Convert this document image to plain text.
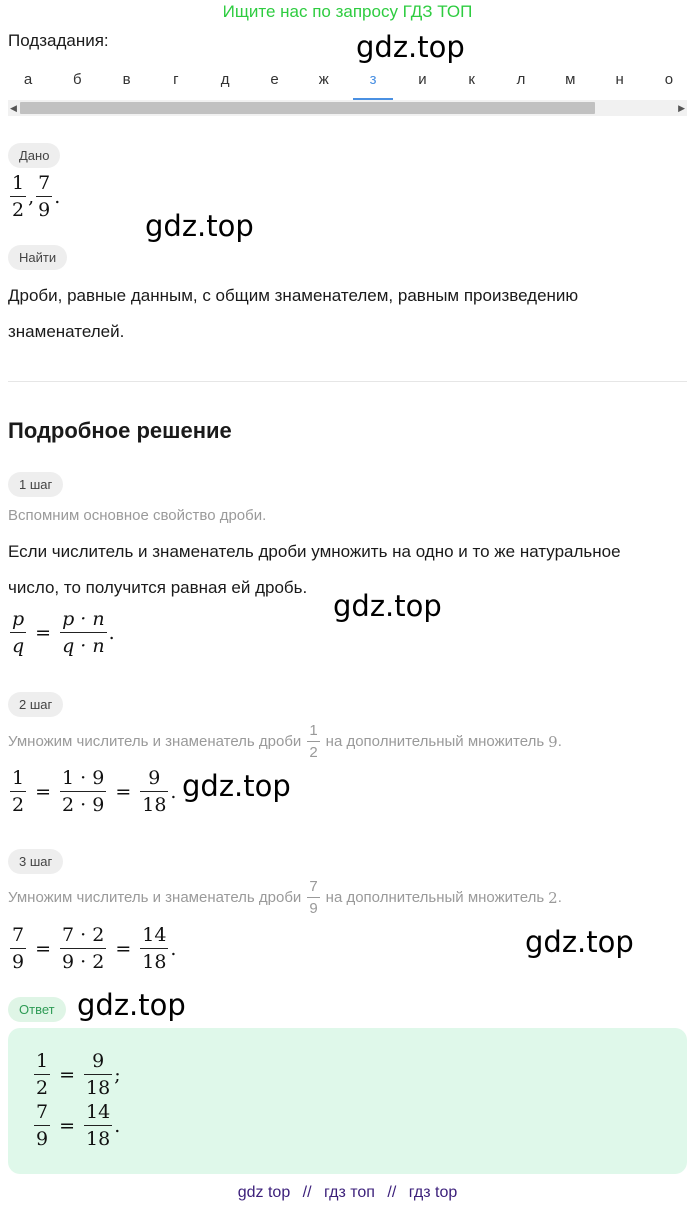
Ищите нас по запросу ГДЗ ТОП
Подзадания:	gdz.top
а	б	в	г	д	е	ж	з	и	к	л	м	н	о
◀	▶
Дано
$\frac{1}{2}$ , $\frac{7}{9}$ .
gdz.top
Найти
Дроби, равные данным, с общим знаменателем, равным произведению
знаменателей.
Подробное решение
1 шаг
Вспомним основное свойство дроби.
Если числитель и знаменатель дроби умножить на одно и то же натуральное
число, то получится равная ей дробь.
gdz.top
$\frac{p}{q} = \frac{p \cdot n}{q \cdot n}$ .
2 шаг
Умножим числитель и знаменатель дроби $\frac{1}{2}$ на дополнительный множитель 9 .
$\frac{1}{2} = \frac{1 \cdot 9}{2 \cdot 9} = \frac{9}{18}$ . gdz.top
3 шаг
Умножим числитель и знаменатель дроби $\frac{7}{9}$ на дополнительный множитель 2 .
$\frac{7}{9} = \frac{7 \cdot 2}{9 \cdot 2} = \frac{14}{18}$ .	gdz.top
Ответ gdz.top
$\frac{1}{2} = \frac{9}{18}$ ;
$\frac{7}{9} = \frac{14}{18}$ .
gdz top // гдз топ // гдз top
